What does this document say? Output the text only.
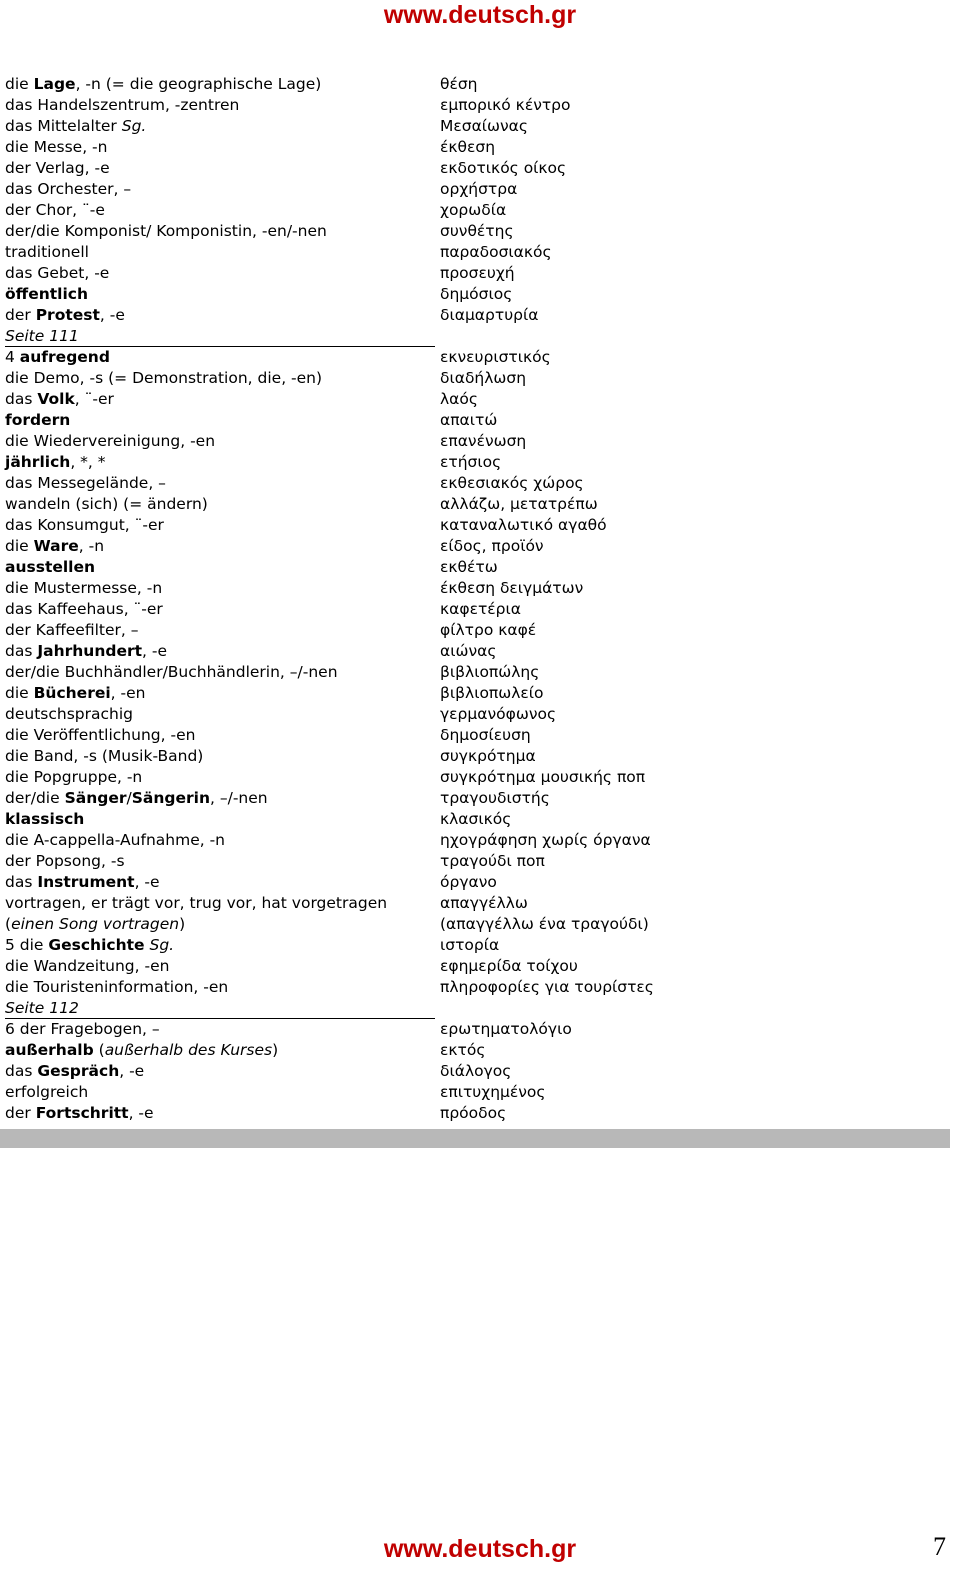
www.deutsch.gr
die Lage, -n (= die geographische Lage)	θέση
das Handelszentrum, -zentren	εμπορικό κέντρο
das Mittelalter Sg.	Μεσαίωνας
die Messe, -n	έκθεση
der Verlag, -e	εκδοτικός οίκος
das Orchester, –	ορχήστρα
der Chor, ¨-e	χορωδία
der/die Komponist/ Komponistin, -en/-nen	συνθέτης
traditionell	παραδοσιακός
das Gebet, -e	προσευχή
öffentlich	δημόσιος
der Protest, -e	διαμαρτυρία
Seite 111
4 aufregend	εκνευριστικός
die Demo, -s (= Demonstration, die, -en)	διαδήλωση
das Volk, ¨-er	λαός
fordern	απαιτώ
die Wiedervereinigung, -en	επανένωση
jährlich, *, *	ετήσιος
das Messegelände, –	εκθεσιακός χώρος
wandeln (sich) (= ändern)	αλλάζω, μετατρέπω
das Konsumgut, ¨-er	καταναλωτικό αγαθό
die Ware, -n	είδος, προϊόν
ausstellen	εκθέτω
die Mustermesse, -n	έκθεση δειγμάτων
das Kaffeehaus, ¨-er	καφετέρια
der Kaffeefilter, –	φίλτρο καφέ
das Jahrhundert, -e	αιώνας
der/die Buchhändler/Buchhändlerin, –/-nen	βιβλιοπώλης
die Bücherei, -en	βιβλιοπωλείο
deutschsprachig	γερμανόφωνος
die Veröffentlichung, -en	δημοσίευση
die Band, -s (Musik-Band)	συγκρότημα
die Popgruppe, -n	συγκρότημα μουσικής ποπ
der/die Sänger/Sängerin, –/-nen	τραγουδιστής
klassisch	κλασικός
die A-cappella-Aufnahme, -n	ηχογράφηση χωρίς όργανα
der Popsong, -s	τραγούδι ποπ
das Instrument, -e	όργανο
vortragen, er trägt vor, trug vor, hat vorgetragen	απαγγέλλω
(einen Song vortragen)	(απαγγέλλω ένα τραγούδι)
5 die Geschichte Sg.	ιστορία
die Wandzeitung, -en	εφημερίδα τοίχου
die Touristeninformation, -en	πληροφορίες για τουρίστες
Seite 112
6 der Fragebogen, –	ερωτηματολόγιο
außerhalb (außerhalb des Kurses)	εκτός
das Gespräch, -e	διάλογος
erfolgreich	επιτυχημένος
der Fortschritt, -e	πρόοδος
www.deutsch.gr	7
